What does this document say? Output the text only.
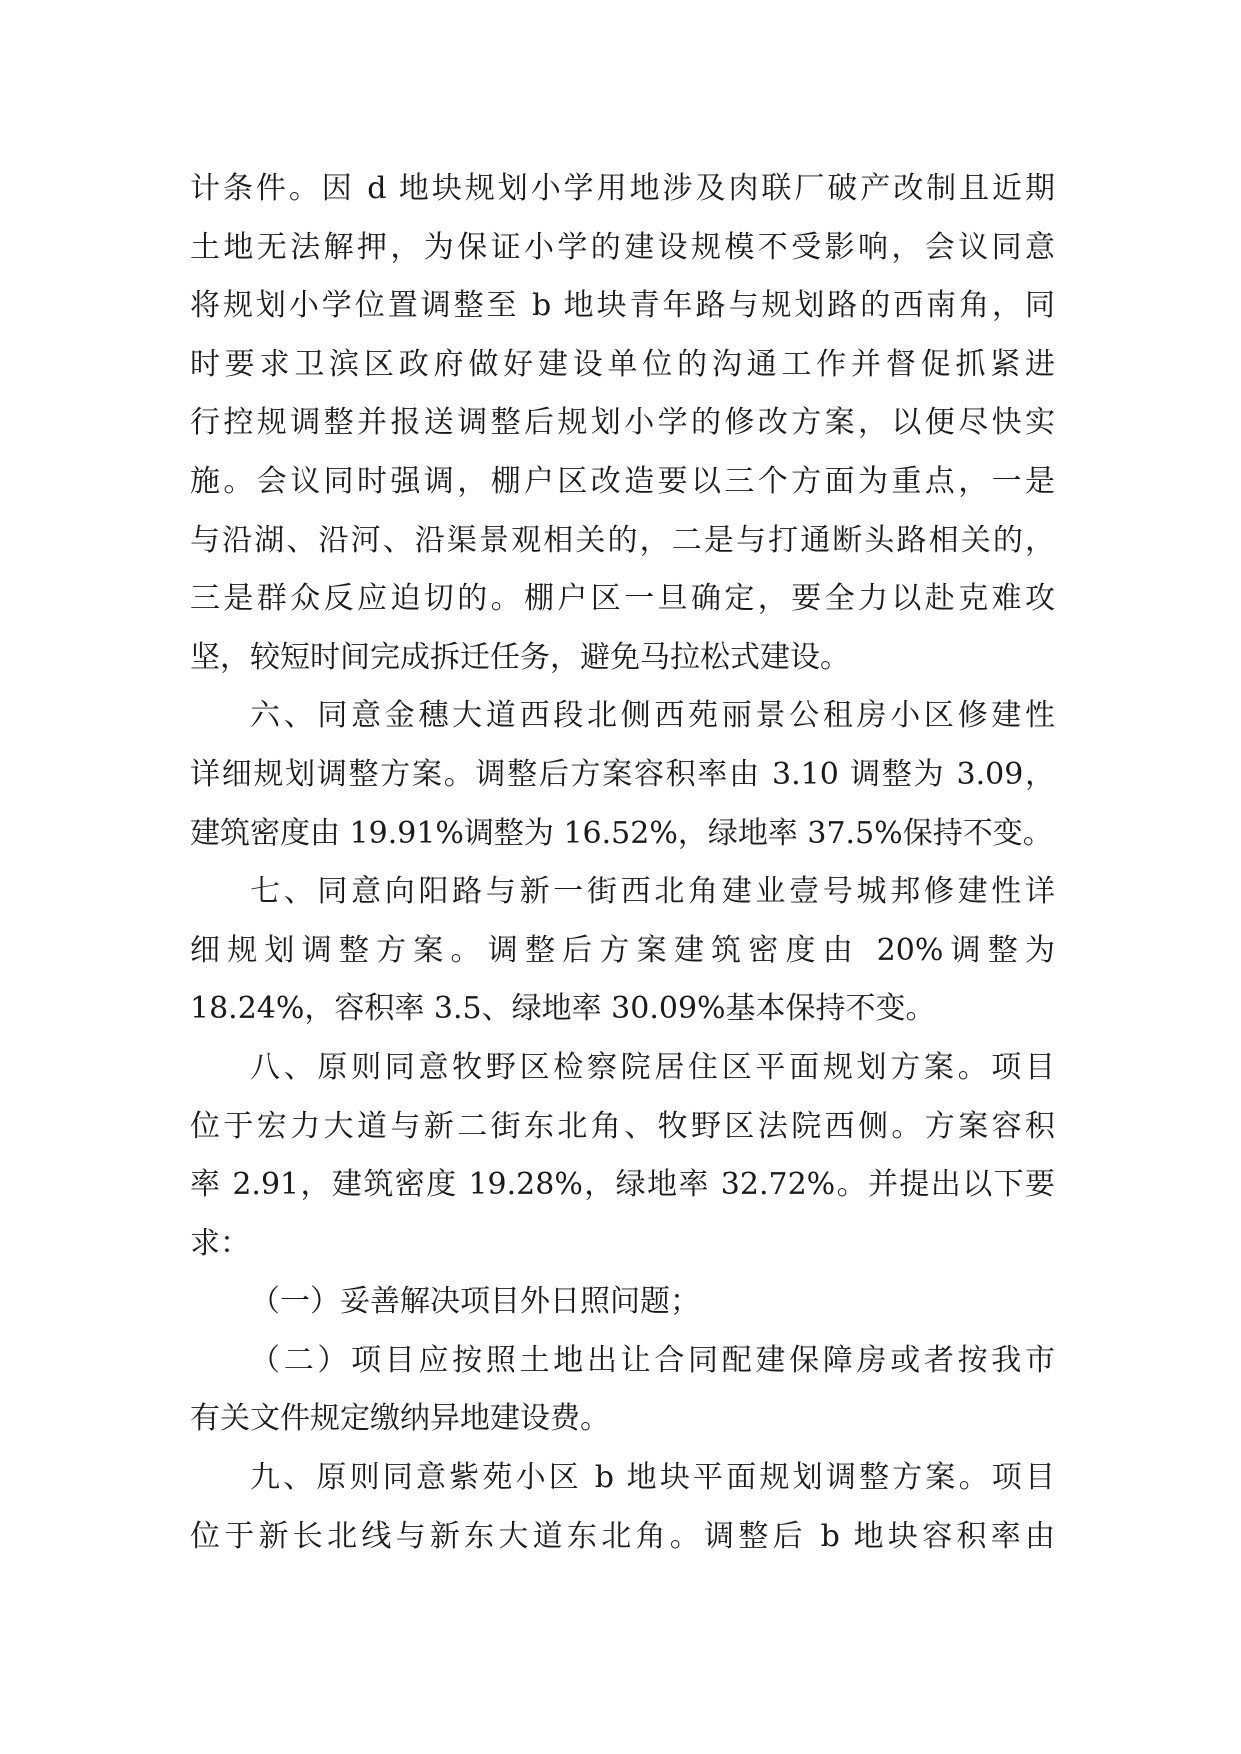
计条件。因 d 地块规划小学用地涉及肉联厂破产改制且近期
土地无法解押，为保证小学的建设规模不受影响，会议同意
将规划小学位置调整至 b 地块青年路与规划路的西南角，同
时要求卫滨区政府做好建设单位的沟通工作并督促抓紧进
行控规调整并报送调整后规划小学的修改方案，以便尽快实
施。会议同时强调，棚户区改造要以三个方面为重点，一是
与沿湖、沿河、沿渠景观相关的，二是与打通断头路相关的，
三是群众反应迫切的。棚户区一旦确定，要全力以赴克难攻
坚，较短时间完成拆迁任务，避免马拉松式建设。
六、同意金穗大道西段北侧西苑丽景公租房小区修建性
详细规划调整方案。调整后方案容积率由 3.10 调整为 3.09，
建筑密度由 19.91%调整为 16.52%，绿地率 37.5%保持不变。
七、同意向阳路与新一街西北角建业壹号城邦修建性详
细规划调整方案。调整后方案建筑密度由 20%调整为
18.24%，容积率 3.5、绿地率 30.09%基本保持不变。
八、原则同意牧野区检察院居住区平面规划方案。项目
位于宏力大道与新二街东北角、牧野区法院西侧。方案容积
率 2.91，建筑密度 19.28%，绿地率 32.72%。并提出以下要
求：
（一）妥善解决项目外日照问题；
（二）项目应按照土地出让合同配建保障房或者按我市
有关文件规定缴纳异地建设费。
九、原则同意紫苑小区 b 地块平面规划调整方案。项目
位于新长北线与新东大道东北角。调整后 b 地块容积率由
